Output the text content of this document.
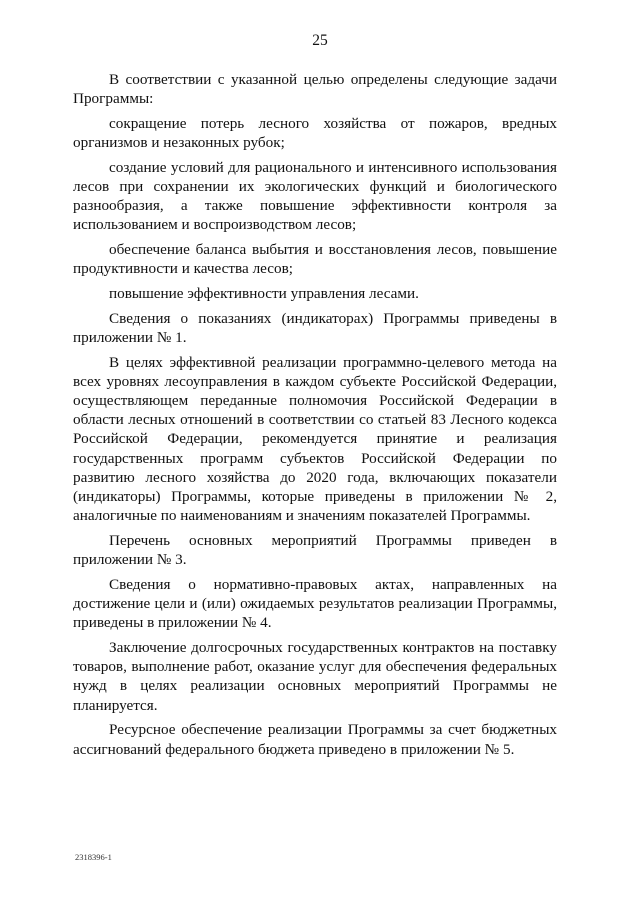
25

В соответствии с указанной целью определены следующие задачи Программы:

сокращение потерь лесного хозяйства от пожаров, вредных организмов и незаконных рубок;

создание условий для рационального и интенсивного использования лесов при сохранении их экологических функций и биологического разнообразия, а также повышение эффективности контроля за использованием и воспроизводством лесов;

обеспечение баланса выбытия и восстановления лесов, повышение продуктивности и качества лесов;

повышение эффективности управления лесами.

Сведения о показаниях (индикаторах) Программы приведены в приложении № 1.

В целях эффективной реализации программно-целевого метода на всех уровнях лесоуправления в каждом субъекте Российской Федерации, осуществляющем переданные полномочия Российской Федерации в области лесных отношений в соответствии со статьей 83 Лесного кодекса Российской Федерации, рекомендуется принятие и реализация государственных программ субъектов Российской Федерации по развитию лесного хозяйства до 2020 года, включающих показатели (индикаторы) Программы, которые приведены в приложении № 2, аналогичные по наименованиям и значениям показателей Программы.

Перечень основных мероприятий Программы приведен в приложении № 3.

Сведения о нормативно-правовых актах, направленных на достижение цели и (или) ожидаемых результатов реализации Программы, приведены в приложении № 4.

Заключение долгосрочных государственных контрактов на поставку товаров, выполнение работ, оказание услуг для обеспечения федеральных нужд в целях реализации основных мероприятий Программы не планируется.

Ресурсное обеспечение реализации Программы за счет бюджетных ассигнований федерального бюджета приведено в приложении № 5.

2318396-1
